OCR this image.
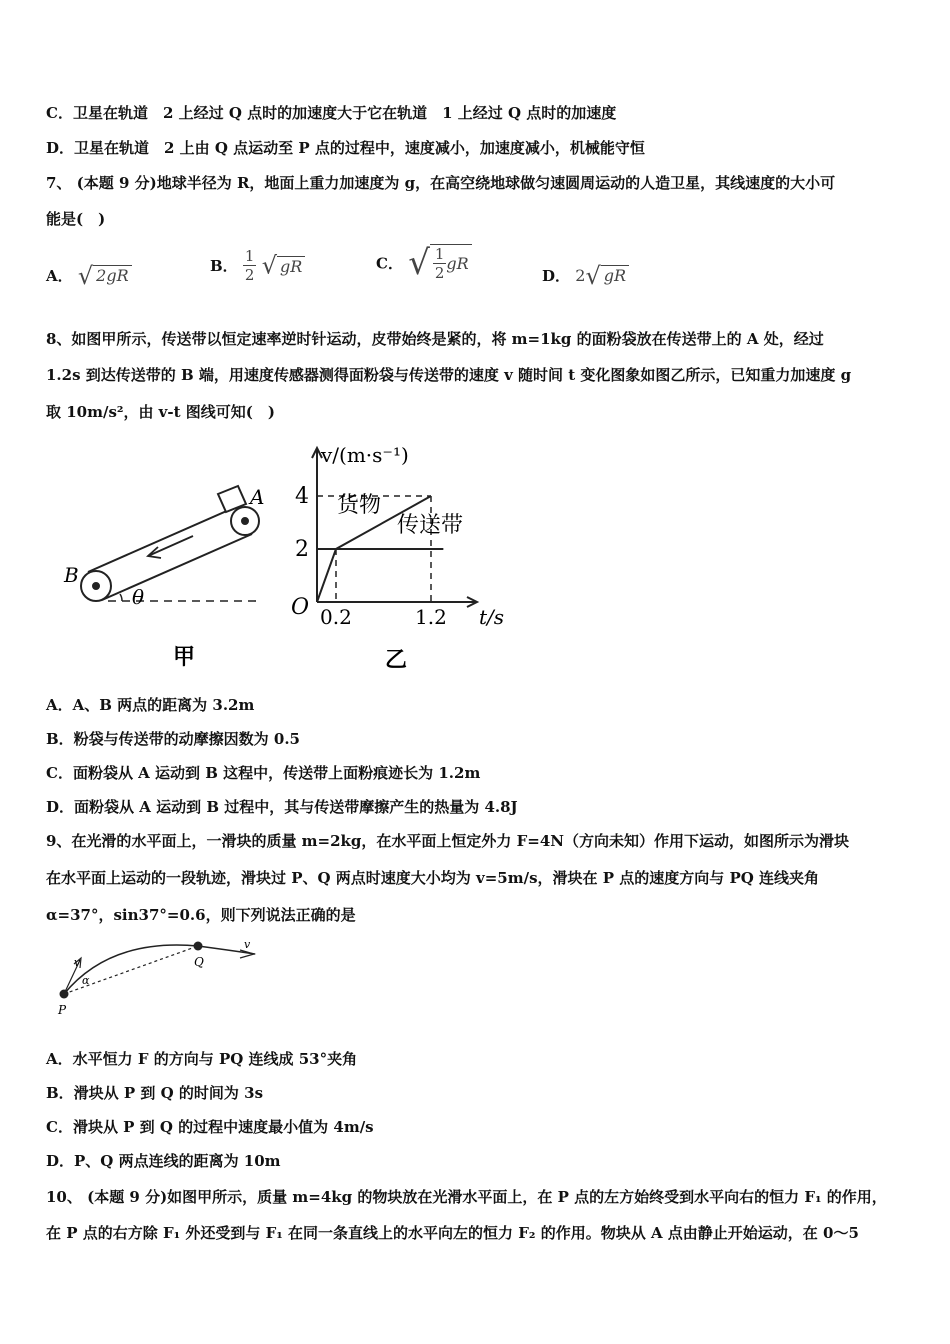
C．卫星在轨道　2 上经过 Q 点时的加速度大于它在轨道　1 上经过 Q 点时的加速度
D．卫星在轨道　2 上由 Q 点运动至 P 点的过程中，速度减小，加速度减小，机械能守恒
7、 (本题 9 分)地球半径为 R，地面上重力加速度为 g，在高空绕地球做匀速圆周运动的人造卫星，其线速度的大小可
能是(　)
A． √ 2gR	B． $\frac{1}{2}$ √ gR	C． √ $\frac{1}{2}$ gR
D． 2√ gR
8、如图甲所示，传送带以恒定速率逆时针运动，皮带始终是紧的，将 m=1kg 的面粉袋放在传送带上的 A 处，经过
1.2s 到达传送带的 B 端，用速度传感器测得面粉袋与传送带的速度 v 随时间 t 变化图象如图乙所示，已知重力加速度 g
取 10m/s²，由 v-t 图线可知(　)
A
B
θ
甲
2
4
0.2	1.2
v/(m·s⁻¹)
t/s
O
货物
传送带
乙
A．A、B 两点的距离为 3.2m
B．粉袋与传送带的动摩擦因数为 0.5
C．面粉袋从 A 运动到 B 这程中，传送带上面粉痕迹长为 1.2m
D．面粉袋从 A 运动到 B 过程中，其与传送带摩擦产生的热量为 4.8J
9、在光滑的水平面上，一滑块的质量 m=2kg，在水平面上恒定外力 F=4N（方向未知）作用下运动，如图所示为滑块
在水平面上运动的一段轨迹，滑块过 P、Q 两点时速度大小均为 v=5m/s，滑块在 P 点的速度方向与 PQ 连线夹角
α=37°，sin37°=0.6，则下列说法正确的是
P
Q
v
v
α
A．水平恒力 F 的方向与 PQ 连线成 53°夹角
B．滑块从 P 到 Q 的时间为 3s
C．滑块从 P 到 Q 的过程中速度最小值为 4m/s
D．P、Q 两点连线的距离为 10m
10、 (本题 9 分)如图甲所示，质量 m=4kg 的物块放在光滑水平面上，在 P 点的左方始终受到水平向右的恒力 F₁ 的作用，
在 P 点的右方除 F₁ 外还受到与 F₁ 在同一条直线上的水平向左的恒力 F₂ 的作用。物块从 A 点由静止开始运动，在 0～5
